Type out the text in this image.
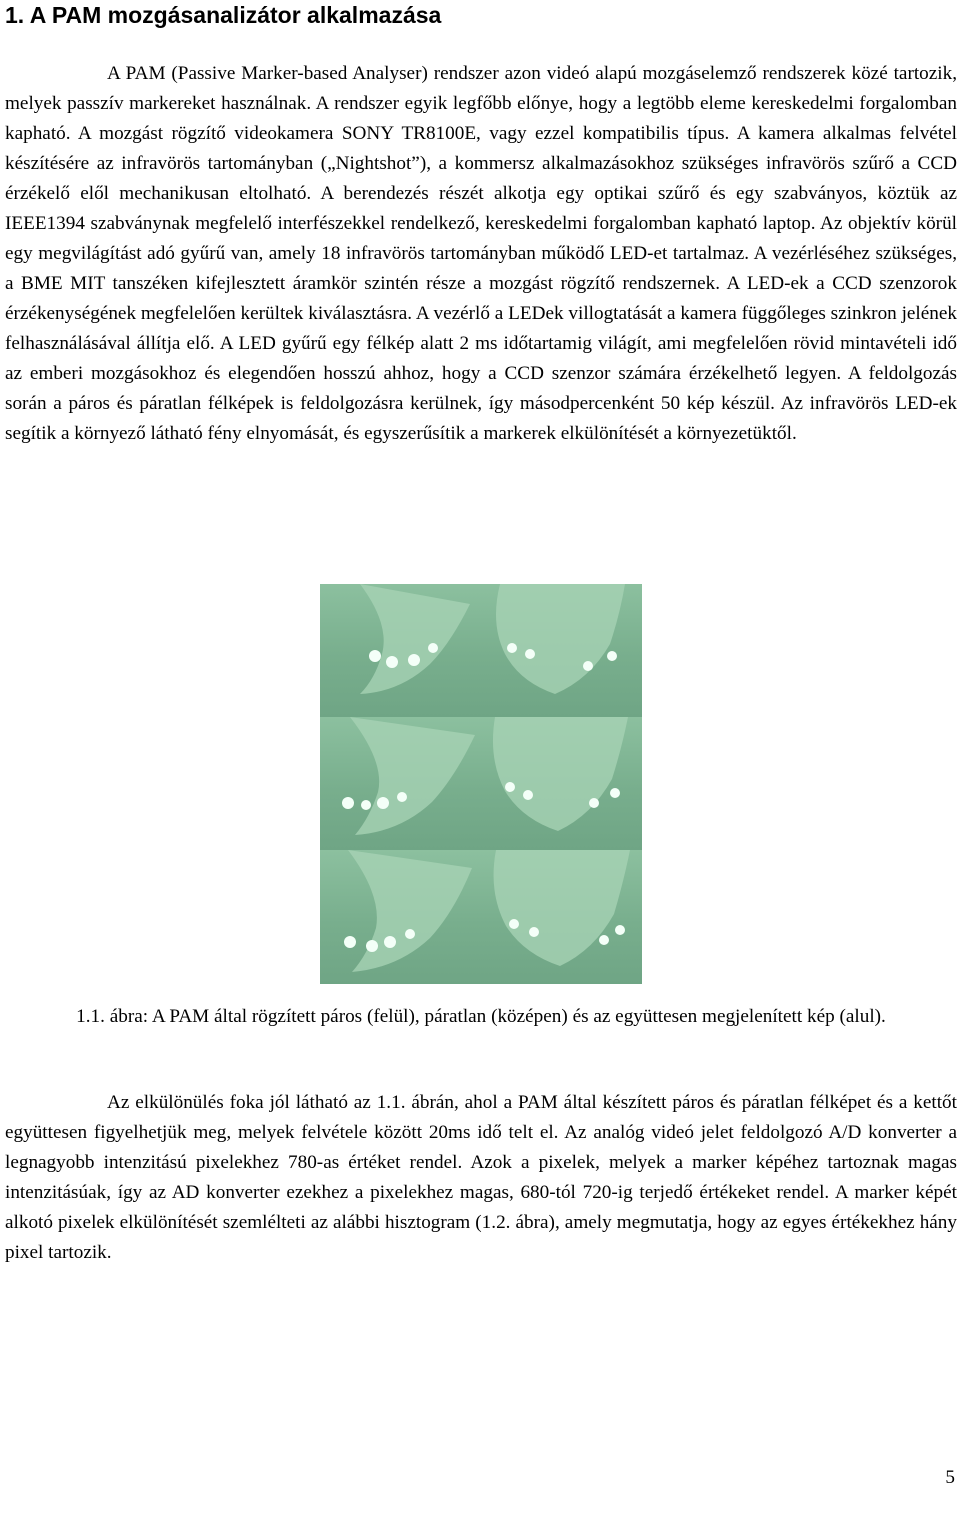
1. A PAM mozgásanalizátor alkalmazása

A PAM (Passive Marker-based Analyser) rendszer azon videó alapú mozgáselemző rendszerek közé tartozik, melyek passzív markereket használnak. A rendszer egyik legfőbb előnye, hogy a legtöbb eleme kereskedelmi forgalomban kapható. A mozgást rögzítő videokamera SONY TR8100E, vagy ezzel kompatibilis típus. A kamera alkalmas felvétel készítésére az infravörös tartományban („Nightshot”), a kommersz alkalmazásokhoz szükséges infravörös szűrő a CCD érzékelő elől mechanikusan eltolható. A berendezés részét alkotja egy optikai szűrő és egy szabványos, köztük az IEEE1394 szabványnak megfelelő interfészekkel rendelkező, kereskedelmi forgalomban kapható laptop. Az objektív körül egy megvilágítást adó gyűrű van, amely 18 infravörös tartományban működő LED-et tartalmaz. A vezérléséhez szükséges, a BME MIT tanszéken kifejlesztett áramkör szintén része a mozgást rögzítő rendszernek. A LED-ek a CCD szenzorok érzékenységének megfelelően kerültek kiválasztásra. A vezérlő a LEDek villogtatását a kamera függőleges szinkron jelének felhasználásával állítja elő. A LED gyűrű egy félkép alatt 2 ms időtartamig világít, ami megfelelően rövid mintavételi idő az emberi mozgásokhoz és elegendően hosszú ahhoz, hogy a CCD szenzor számára érzékelhető legyen. A feldolgozás során a páros és páratlan félképek is feldolgozásra kerülnek, így másodpercenként 50 kép készül. Az infravörös LED-ek segítik a környező látható fény elnyomását, és egyszerűsítik a markerek elkülönítését a környezetüktől.

1.1. ábra: A PAM által rögzített páros (felül), páratlan (középen) és az együttesen megjelenített kép (alul).

Az elkülönülés foka jól látható az 1.1. ábrán, ahol a PAM által készített páros és páratlan félképet és a kettőt együttesen figyelhetjük meg, melyek felvétele között 20ms idő telt el. Az analóg videó jelet feldolgozó A/D konverter a legnagyobb intenzitású pixelekhez 780-as értéket rendel. Azok a pixelek, melyek a marker képéhez tartoznak magas intenzitásúak, így az AD konverter ezekhez a pixelekhez magas, 680-tól 720-ig terjedő értékeket rendel. A marker képét alkotó pixelek elkülönítését szemlélteti az alábbi hisztogram (1.2. ábra), amely megmutatja, hogy az egyes értékekhez hány pixel tartozik.

5
